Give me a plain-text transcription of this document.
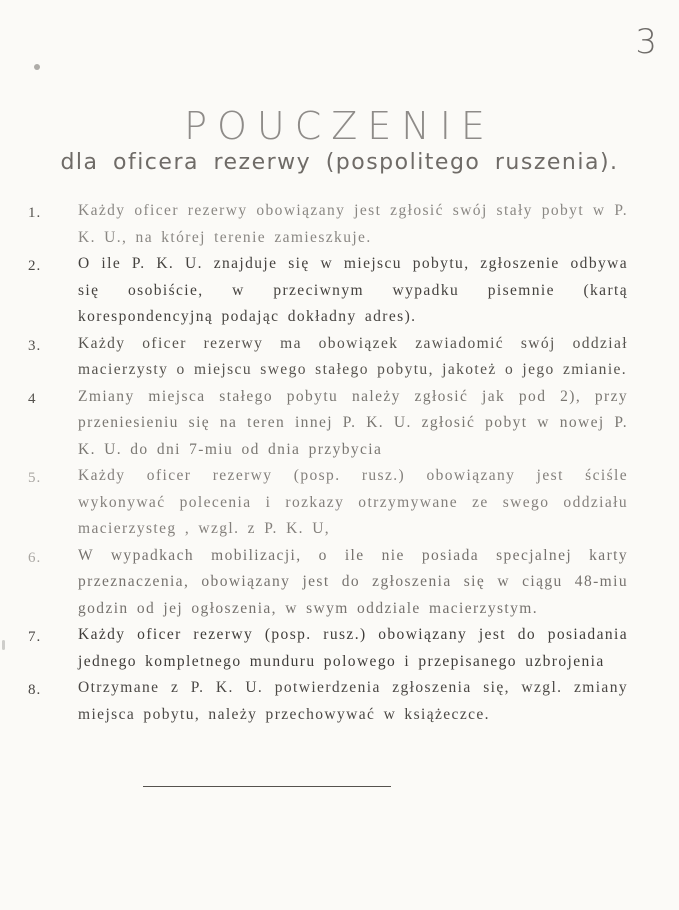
3
POUCZENIE
dla oficera rezerwy (pospolitego ruszenia).
1.	Każdy oficer rezerwy obowiązany jest zgłosić swój stały pobyt w P. K. U., na której terenie zamieszkuje.
2.	O ile P. K. U. znajduje się w miejscu pobytu, zgłoszenie odbywa się osobiście, w przeciwnym wypadku pisemnie (kartą korespondencyjną podając dokładny adres).
3.	Każdy oficer rezerwy ma obowiązek zawiadomić swój oddział macierzysty o miejscu swego stałego pobytu, jakoteż o jego zmianie.
4	Zmiany miejsca stałego pobytu należy zgłosić jak pod 2), przy przeniesieniu się na teren innej P. K. U. zgłosić pobyt w nowej P. K. U. do dni 7-miu od dnia przybycia
5.	Każdy oficer rezerwy (posp. rusz.) obowiązany jest ściśle wykonywać polecenia i rozkazy otrzymywane ze swego oddziału macierzysteg , wzgl. z P. K. U,
6.	W wypadkach mobilizacji, o ile nie posiada specjalnej karty przeznaczenia, obowiązany jest do zgłoszenia się w ciągu 48-miu godzin od jej ogłoszenia, w swym oddziale macierzystym.
7.	Każdy oficer rezerwy (posp. rusz.) obowiązany jest do posiadania jednego kompletnego munduru polowego i przepisanego uzbrojenia
8.	Otrzymane z P. K. U. potwierdzenia zgłoszenia się, wzgl. zmiany miejsca pobytu, należy przechowywać w książeczce.
